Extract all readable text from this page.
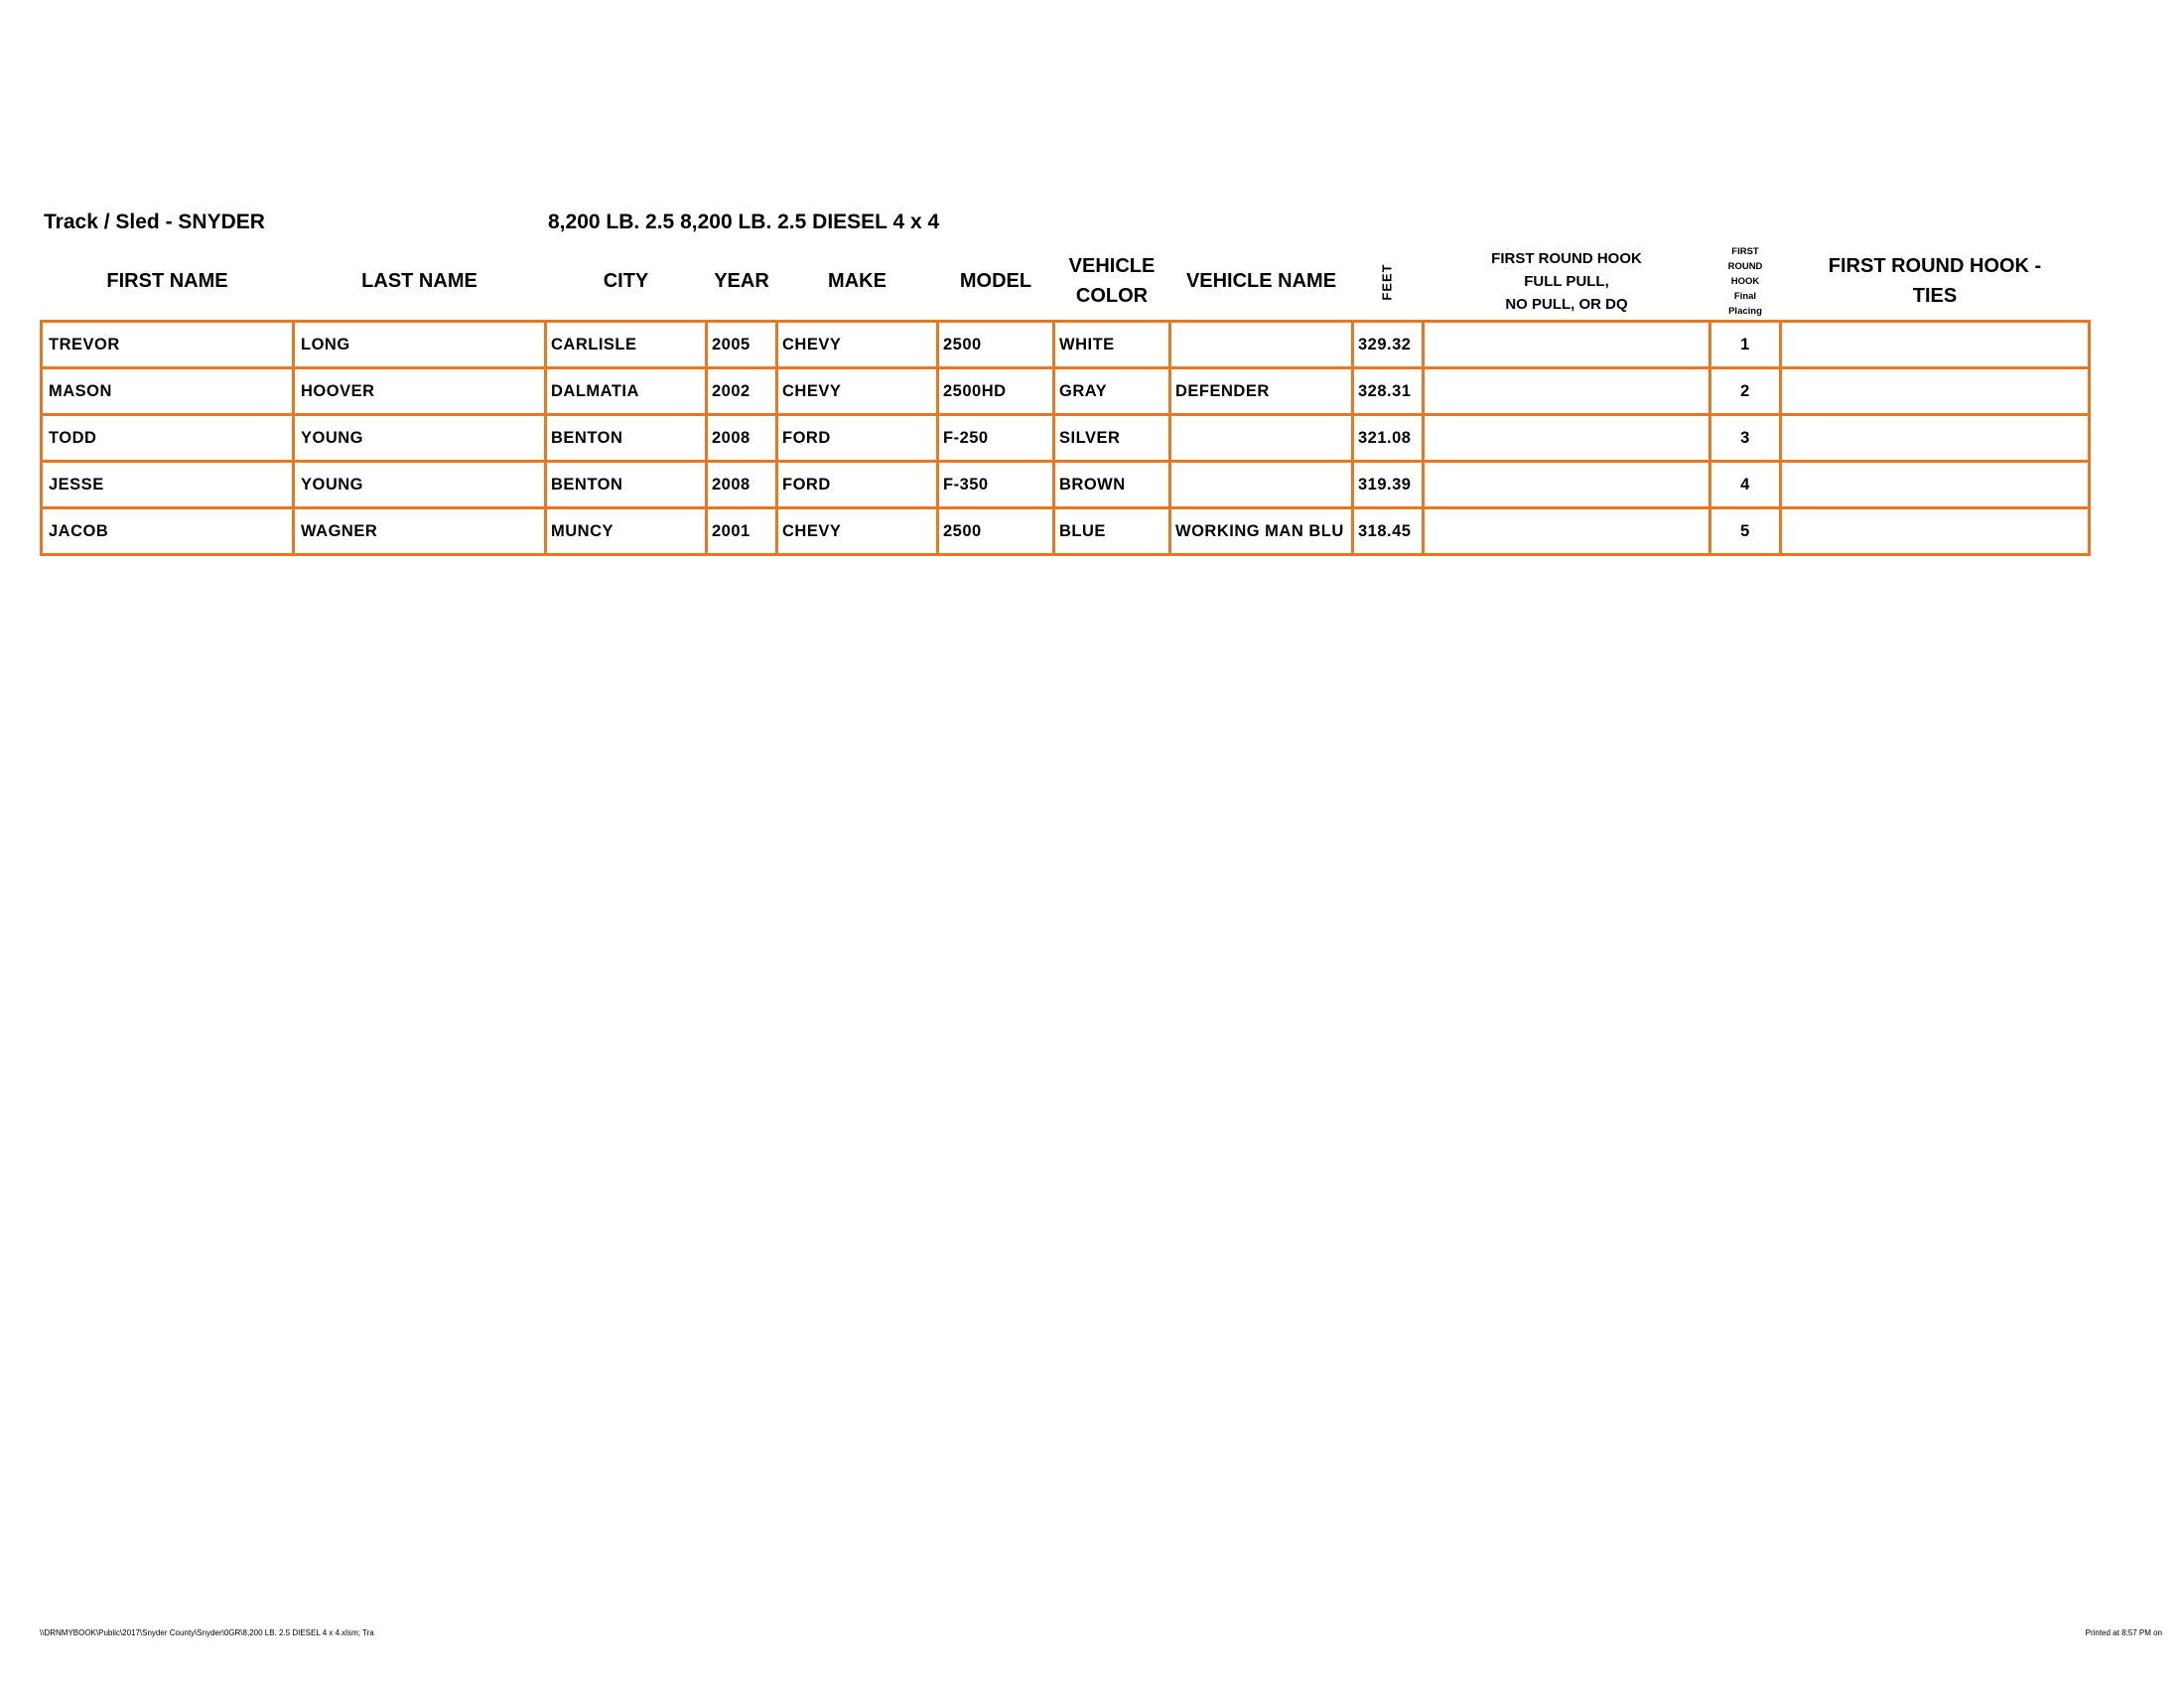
Track / Sled - SNYDER	8,200 LB. 2.5 8,200 LB. 2.5 DIESEL 4 x 4
FIRST NAME	LAST NAME	CITY	YEAR	MAKE	MODEL	VEHICLE
COLOR	VEHICLE NAME	FEET	FIRST ROUND HOOK
FULL PULL,
NO PULL, OR DQ	FIRST
ROUND
HOOK
Final
Placing	FIRST ROUND HOOK -
TIES
TREVOR	LONG	CARLISLE	2005	CHEVY	2500	WHITE		329.32		1	
MASON	HOOVER	DALMATIA	2002	CHEVY	2500HD	GRAY	DEFENDER	328.31		2	
TODD	YOUNG	BENTON	2008	FORD	F-250	SILVER		321.08		3	
JESSE	YOUNG	BENTON	2008	FORD	F-350	BROWN		319.39		4	
JACOB	WAGNER	MUNCY	2001	CHEVY	2500	BLUE	WORKING MAN BLU	318.45		5	
\\DRNMYBOOK\Public\2017\Snyder County\Snyder\0GR\8,200 LB. 2.5 DIESEL 4 x 4.xlsm; Tra	Printed at 8:57 PM on
